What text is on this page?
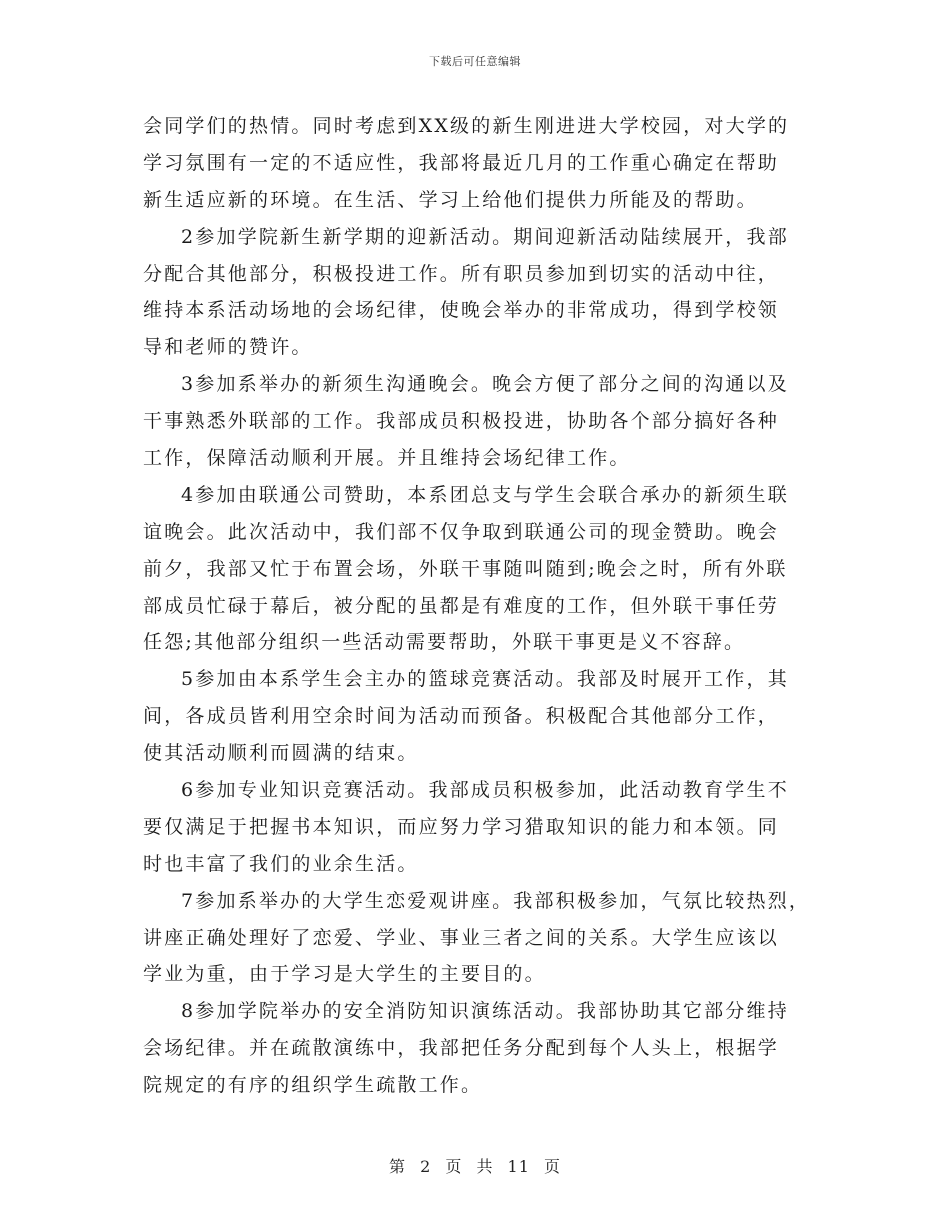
下载后可任意编辑
会同学们的热情。同时考虑到XX级的新生刚进进大学校园，对大学的
学习氛围有一定的不适应性，我部将最近几月的工作重心确定在帮助
新生适应新的环境。在生活、学习上给他们提供力所能及的帮助。
2参加学院新生新学期的迎新活动。期间迎新活动陆续展开，我部
分配合其他部分，积极投进工作。所有职员参加到切实的活动中往，
维持本系活动场地的会场纪律，使晚会举办的非常成功，得到学校领
导和老师的赞许。
3参加系举办的新须生沟通晚会。晚会方便了部分之间的沟通以及
干事熟悉外联部的工作。我部成员积极投进，协助各个部分搞好各种
工作，保障活动顺利开展。并且维持会场纪律工作。
4参加由联通公司赞助，本系团总支与学生会联合承办的新须生联
谊晚会。此次活动中，我们部不仅争取到联通公司的现金赞助。晚会
前夕，我部又忙于布置会场，外联干事随叫随到;晚会之时，所有外联
部成员忙碌于幕后，被分配的虽都是有难度的工作，但外联干事任劳
任怨;其他部分组织一些活动需要帮助，外联干事更是义不容辞。
5参加由本系学生会主办的篮球竞赛活动。我部及时展开工作，其
间，各成员皆利用空余时间为活动而预备。积极配合其他部分工作，
使其活动顺利而圆满的结束。
6参加专业知识竞赛活动。我部成员积极参加，此活动教育学生不
要仅满足于把握书本知识，而应努力学习猎取知识的能力和本领。同
时也丰富了我们的业余生活。
7参加系举办的大学生恋爱观讲座。我部积极参加，气氛比较热烈，
讲座正确处理好了恋爱、学业、事业三者之间的关系。大学生应该以
学业为重，由于学习是大学生的主要目的。
8参加学院举办的安全消防知识演练活动。我部协助其它部分维持
会场纪律。并在疏散演练中，我部把任务分配到每个人头上，根据学
院规定的有序的组织学生疏散工作。
第 2 页 共 11 页
